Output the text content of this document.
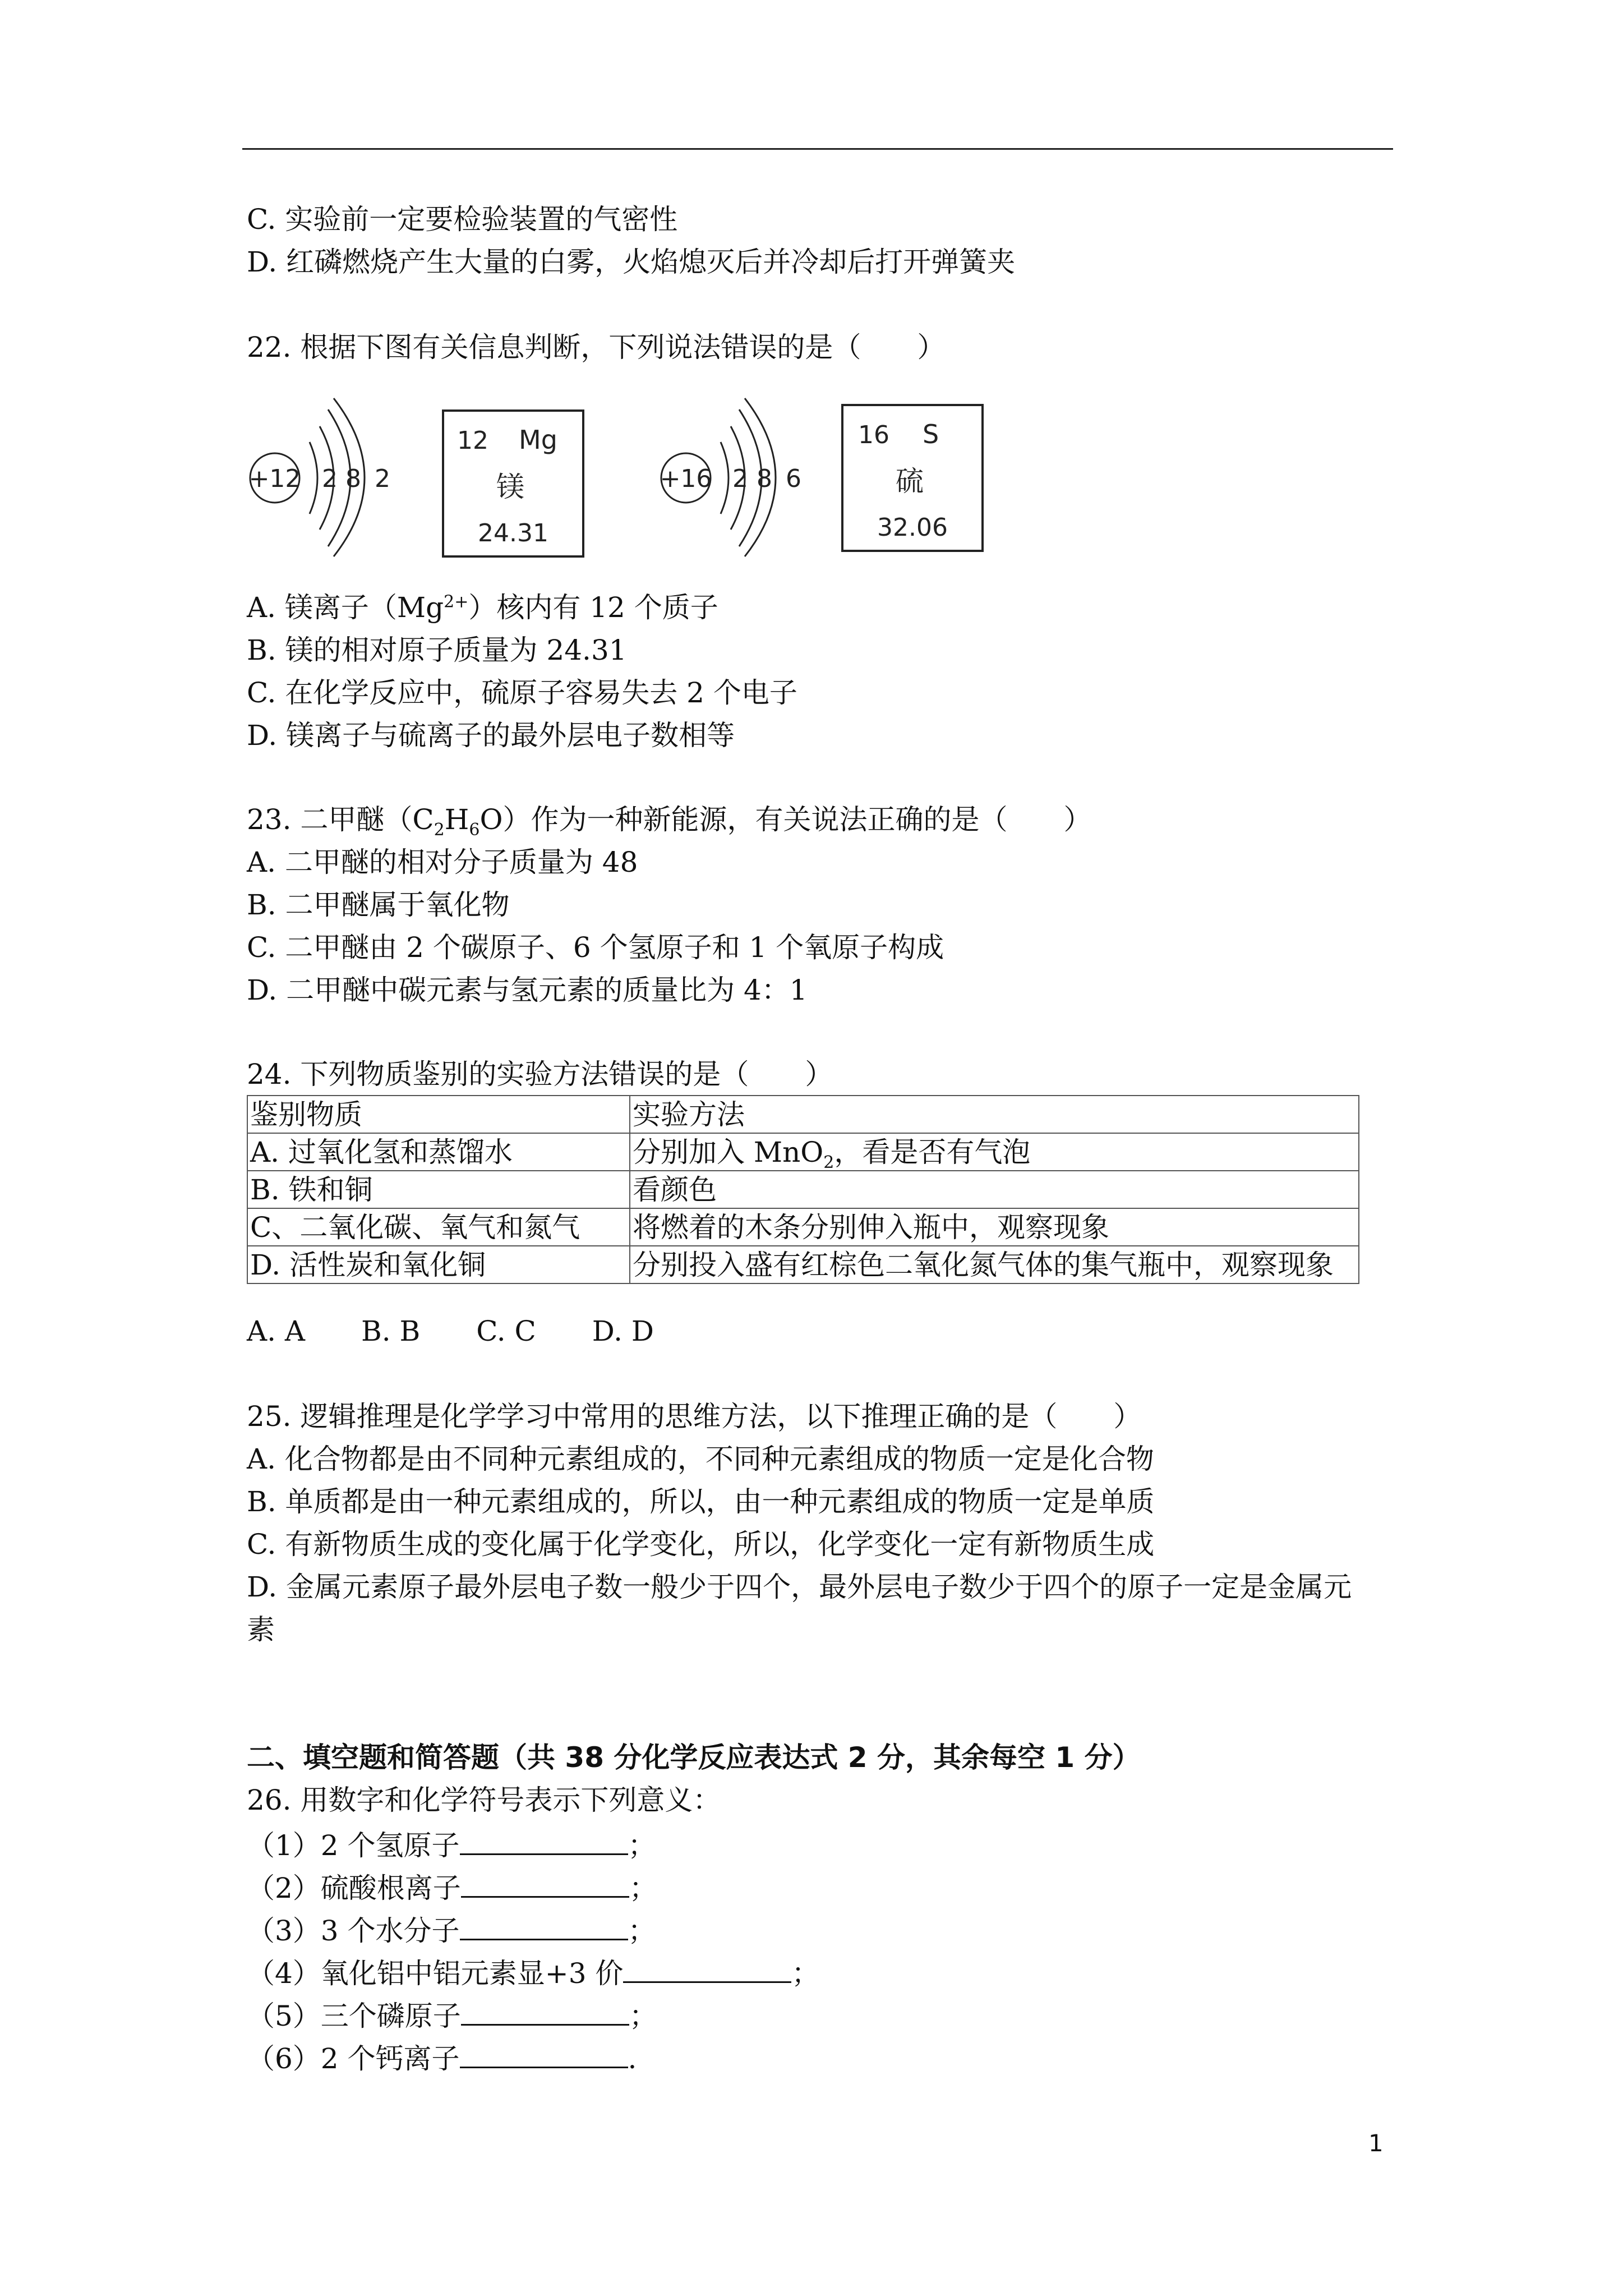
C. 实验前一定要检验装置的气密性
D. 红磷燃烧产生大量的白雾，火焰熄灭后并冷却后打开弹簧夹
22. 根据下图有关信息判断，下列说法错误的是（　　）
+12 2 8 2
12 Mg
镁
24.31
+16 2 8 6
16 S
硫
32.06
A. 镁离子$(Mg^{2+})$核内有 12 个质子
B. 镁的相对原子质量为 24.31
C. 在化学反应中，硫原子容易失去 2 个电子
D. 镁离子与硫离子的最外层电子数相等
23. 二甲醚$(C_2H_6O)$作为一种新能源，有关说法正确的是（　　）
A. 二甲醚的相对分子质量为 48
B. 二甲醚属于氧化物
C. 二甲醚由 2 个碳原子、6 个氢原子和 1 个氧原子构成
D. 二甲醚中碳元素与氢元素的质量比为 4：1
24. 下列物质鉴别的实验方法错误的是（　　）
鉴别物质	实验方法
A. 过氧化氢和蒸馏水	分别加入 MnO$_2$，看是否有气泡
B. 铁和铜	看颜色
C、二氧化碳、氧气和氮气	将燃着的木条分别伸入瓶中，观察现象
D. 活性炭和氧化铜	分别投入盛有红棕色二氧化氮气体的集气瓶中，观察现象
A. A　　B. B　　C. C　　D. D
25. 逻辑推理是化学学习中常用的思维方法，以下推理正确的是（　　）
A. 化合物都是由不同种元素组成的，不同种元素组成的物质一定是化合物
B. 单质都是由一种元素组成的，所以，由一种元素组成的物质一定是单质
C. 有新物质生成的变化属于化学变化，所以，化学变化一定有新物质生成
D. 金属元素原子最外层电子数一般少于四个，最外层电子数少于四个的原子一定是金属元
素
二、填空题和简答题（共 38 分化学反应表达式 2 分，其余每空 1 分）
26. 用数字和化学符号表示下列意义：
（1）2 个氢原子	；
（2）硫酸根离子	；
（3）3 个水分子	；
（4）氧化铝中铝元素显+3 价	；
（5）三个磷原子	；
（6）2 个钙离子	.
1
